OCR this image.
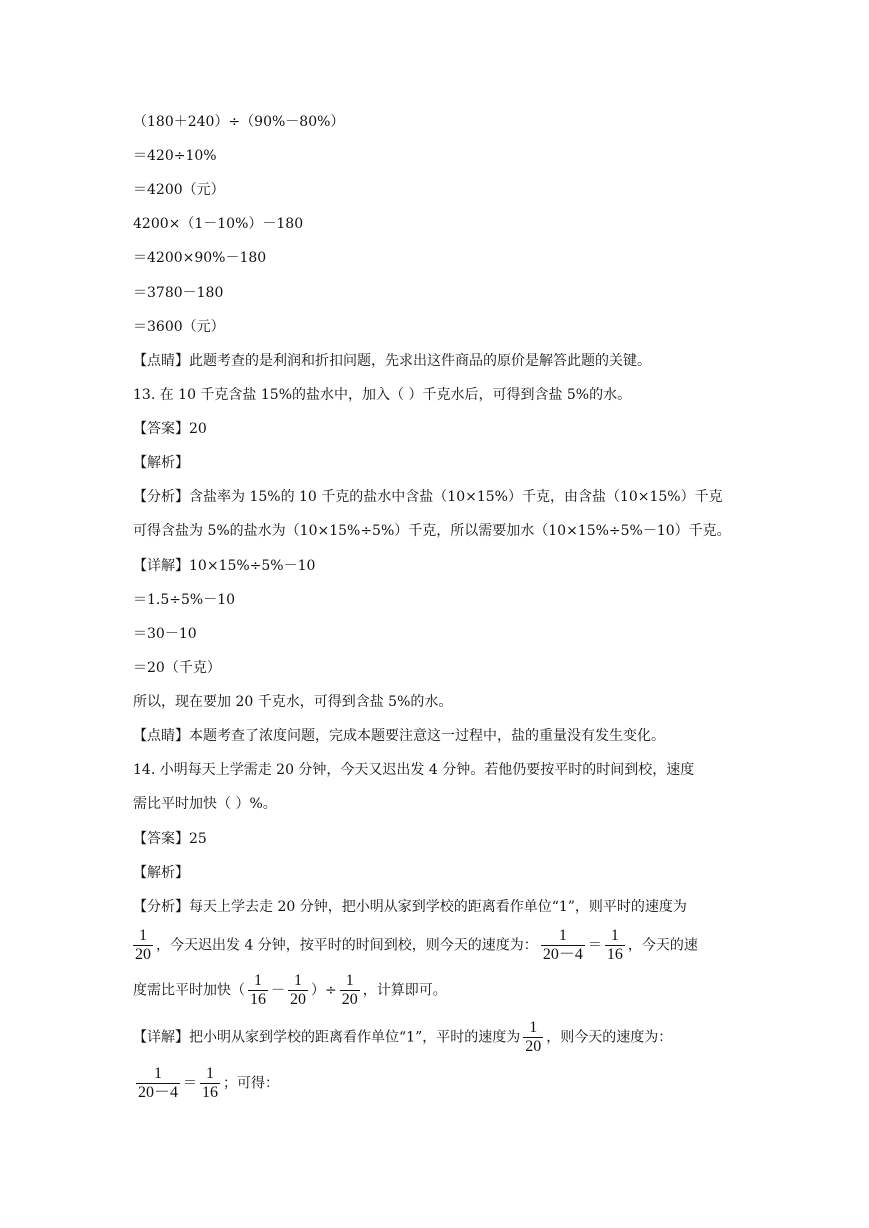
（180＋240）÷（90%－80%）
＝420÷10%
＝4200（元）
4200×（1－10%）－180
＝4200×90%－180
＝3780－180
＝3600（元）
【点睛】此题考查的是利润和折扣问题，先求出这件商品的原价是解答此题的关键。
13. 在 10 千克含盐 15%的盐水中，加入（ ）千克水后，可得到含盐 5%的水。
【答案】20
【解析】
【分析】含盐率为 15%的 10 千克的盐水中含盐（10×15%）千克，由含盐（10×15%）千克
可得含盐为 5%的盐水为（10×15%÷5%）千克，所以需要加水（10×15%÷5%－10）千克。
【详解】10×15%÷5%－10
＝1.5÷5%－10
＝30－10
＝20（千克）
所以，现在要加 20 千克水，可得到含盐 5%的水。
【点睛】本题考查了浓度问题，完成本题要注意这一过程中，盐的重量没有发生变化。
14. 小明每天上学需走 20 分钟，今天又迟出发 4 分钟。若他仍要按平时的时间到校，速度
需比平时加快（ ）%。
【答案】25
【解析】
【分析】每天上学去走 20 分钟，把小明从家到学校的距离看作单位“1”，则平时的速度为
$\frac{1}{20}$ ，今天迟出发 4 分钟，按平时的时间到校，则今天的速度为： $\frac{1}{20-4} = \frac{1}{16}$ ，今天的速
度需比平时加快（ $\frac{1}{16} - \frac{1}{20}$ ）÷ $\frac{1}{20}$ ，计算即可。
【详解】把小明从家到学校的距离看作单位“1”，平时的速度为 $\frac{1}{20}$ ，则今天的速度为：
$\frac{1}{20-4} = \frac{1}{16}$ ；可得：
